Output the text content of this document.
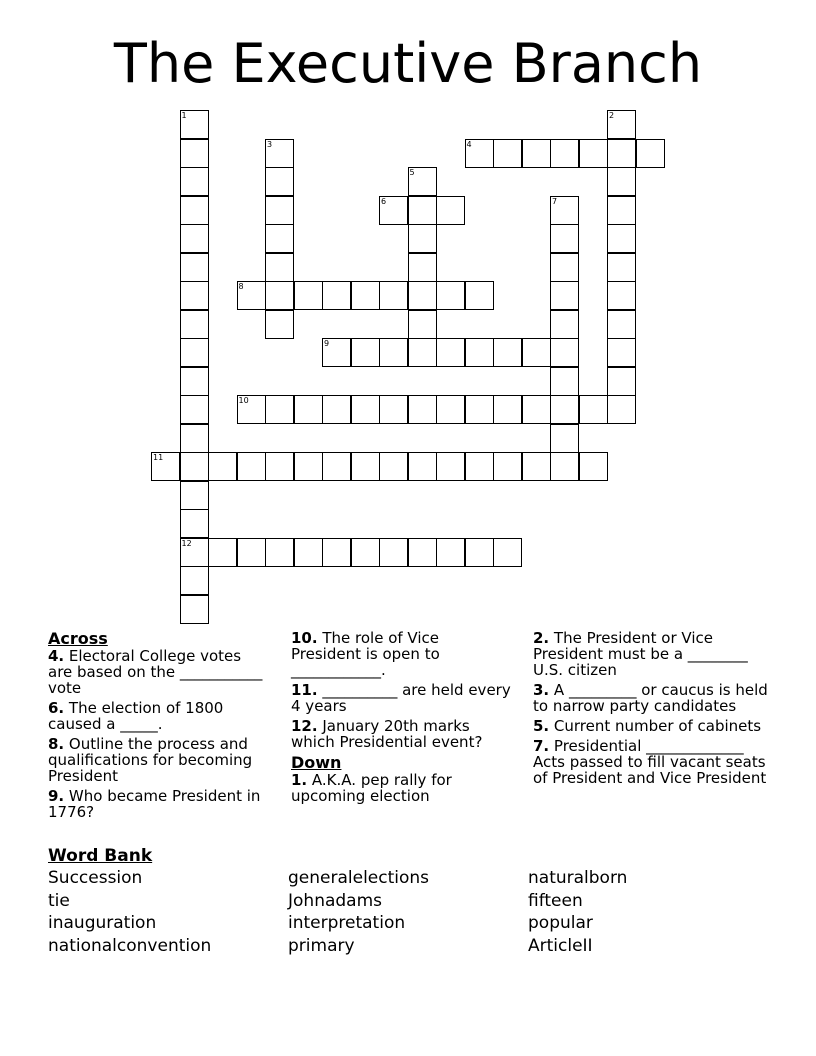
The Executive Branch
1
12
2
3	4
5
6	7
8
9
10
11
Across
4. Electoral College votes are based on the ___________ vote
6. The election of 1800 caused a _____.
8. Outline the process and qualifications for becoming President
9. Who became President in 1776?
10. The role of Vice President is open to ____________.
11. __________ are held every 4 years
12. January 20th marks which Presidential event?
Down
1. A.K.A. pep rally for upcoming election
2. The President or Vice President must be a ________ U.S. citizen
3. A _________ or caucus is held to narrow party candidates
5. Current number of cabinets
7. Presidential _____________ Acts passed to fill vacant seats of President and Vice President
Word Bank
Succession
tie
inauguration
nationalconvention
generalelections
Johnadams
interpretation
primary
naturalborn
fifteen
popular
ArticleII
